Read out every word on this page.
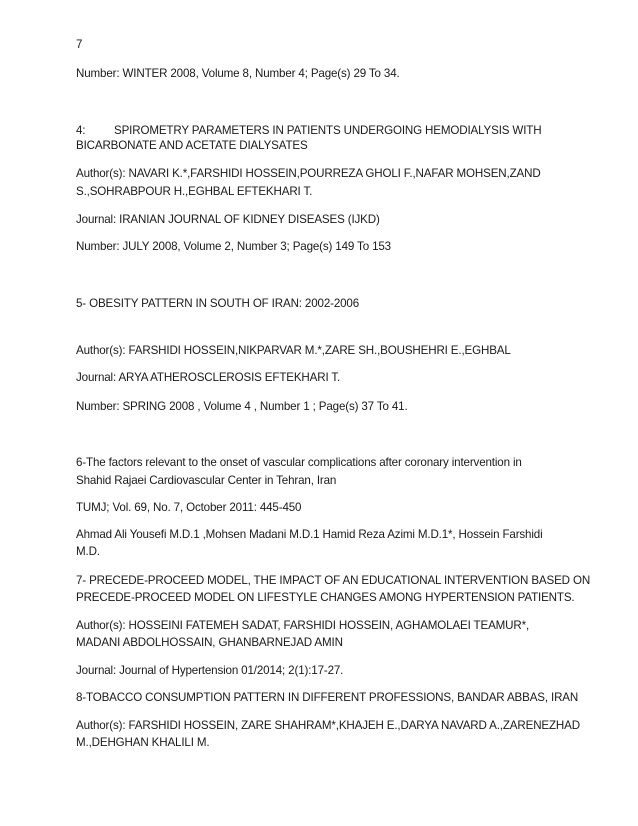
7

Number: WINTER 2008, Volume 8, Number 4; Page(s) 29 To 34.

4: SPIROMETRY PARAMETERS IN PATIENTS UNDERGOING HEMODIALYSIS WITH

BICARBONATE AND ACETATE DIALYSATES

Author(s): NAVARI K.*,FARSHIDI HOSSEIN,POURREZA GHOLI F.,NAFAR MOHSEN,ZAND

S.,SOHRABPOUR H.,EGHBAL EFTEKHARI T.

Journal: IRANIAN JOURNAL OF KIDNEY DISEASES (IJKD)

Number: JULY 2008, Volume 2, Number 3; Page(s) 149 To 153

5- OBESITY PATTERN IN SOUTH OF IRAN: 2002-2006

Author(s): FARSHIDI HOSSEIN,NIKPARVAR M.*,ZARE SH.,BOUSHEHRI E.,EGHBAL

Journal: ARYA ATHEROSCLEROSIS EFTEKHARI T.

Number: SPRING 2008 , Volume 4 , Number 1 ; Page(s) 37 To 41.

6-The factors relevant to the onset of vascular complications after coronary intervention in

Shahid Rajaei Cardiovascular Center in Tehran, Iran

TUMJ; Vol. 69, No. 7, October 2011: 445-450

Ahmad Ali Yousefi M.D.1 ,Mohsen Madani M.D.1 Hamid Reza Azimi M.D.1*, Hossein Farshidi

M.D.

7- PRECEDE-PROCEED MODEL, THE IMPACT OF AN EDUCATIONAL INTERVENTION BASED ON

PRECEDE-PROCEED MODEL ON LIFESTYLE CHANGES AMONG HYPERTENSION PATIENTS.

Author(s): HOSSEINI FATEMEH SADAT, FARSHIDI HOSSEIN, AGHAMOLAEI TEAMUR*,

MADANI ABDOLHOSSAIN, GHANBARNEJAD AMIN

Journal: Journal of Hypertension 01/2014; 2(1):17-27.

8-TOBACCO CONSUMPTION PATTERN IN DIFFERENT PROFESSIONS, BANDAR ABBAS, IRAN

Author(s): FARSHIDI HOSSEIN, ZARE SHAHRAM*,KHAJEH E.,DARYA NAVARD A.,ZARENEZHAD

M.,DEHGHAN KHALILI M.
